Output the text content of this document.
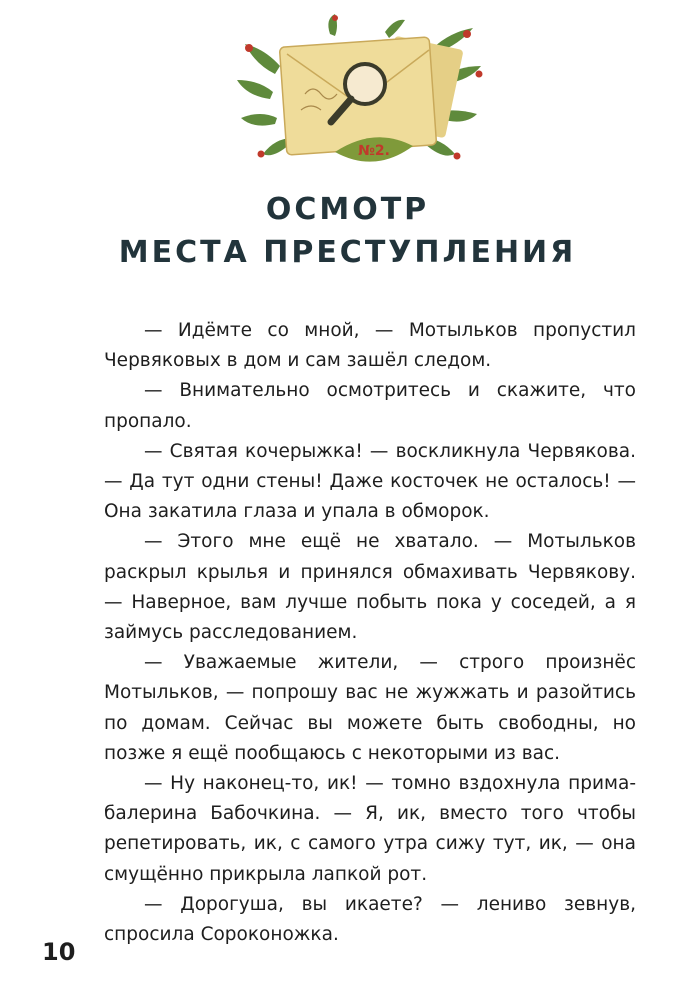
№2.
ОСМОТР
МЕСТА ПРЕСТУПЛЕНИЯ

— Идёмте со мной, — Мотыльков пропустил Червяковых в дом и сам зашёл следом.

— Внимательно осмотритесь и скажите, что пропало.

— Святая кочерыжка! — воскликнула Червякова. — Да тут одни стены! Даже косточек не осталось! — Она закатила глаза и упала в обморок.

— Этого мне ещё не хватало. — Мотыльков раскрыл крылья и принялся обмахивать Червякову. — Наверное, вам лучше побыть пока у соседей, а я займусь расследованием.

— Уважаемые жители, — строго произнёс Мотыльков, — попрошу вас не жужжать и разойтись по домам. Сейчас вы можете быть свободны, но позже я ещё пообщаюсь с некоторыми из вас.

— Ну наконец-то, ик! — томно вздохнула прима-балерина Бабочкина. — Я, ик, вместо того чтобы репетировать, ик, с самого утра сижу тут, ик, — она смущённо прикрыла лапкой рот.

— Дорогуша, вы икаете? — лениво зевнув, спросила Сороконожка.

10
